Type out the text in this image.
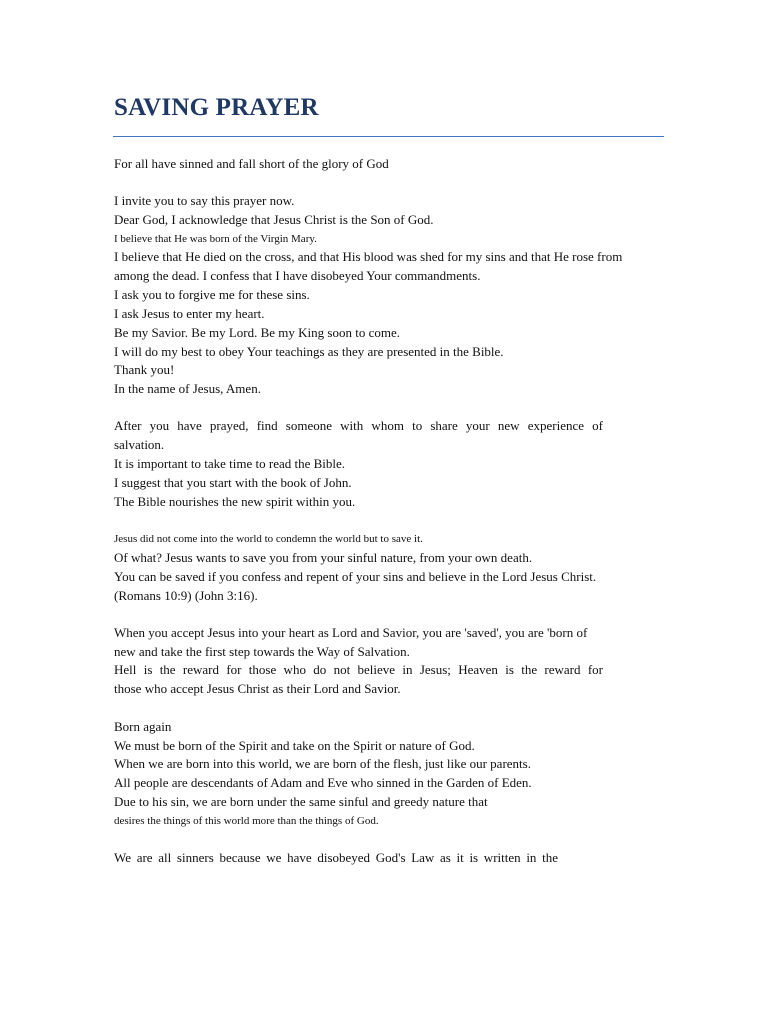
SAVING PRAYER

For all have sinned and fall short of the glory of God

I invite you to say this prayer now.

Dear God, I acknowledge that Jesus Christ is the Son of God.

I believe that He was born of the Virgin Mary.

I believe that He died on the cross, and that His blood was shed for my sins and that He rose from

among the dead. I confess that I have disobeyed Your commandments.

I ask you to forgive me for these sins.

I ask Jesus to enter my heart.

Be my Savior. Be my Lord. Be my King soon to come.

I will do my best to obey Your teachings as they are presented in the Bible.

Thank you!

In the name of Jesus, Amen.

After you have prayed, find someone with whom to share your new experience of

salvation.

It is important to take time to read the Bible.

I suggest that you start with the book of John.

The Bible nourishes the new spirit within you.

Jesus did not come into the world to condemn the world but to save it.

Of what? Jesus wants to save you from your sinful nature, from your own death.

You can be saved if you confess and repent of your sins and believe in the Lord Jesus Christ.

(Romans 10:9) (John 3:16).

When you accept Jesus into your heart as Lord and Savior, you are 'saved', you are 'born of

new and take the first step towards the Way of Salvation.

Hell is the reward for those who do not believe in Jesus; Heaven is the reward for

those who accept Jesus Christ as their Lord and Savior.

Born again

We must be born of the Spirit and take on the Spirit or nature of God.

When we are born into this world, we are born of the flesh, just like our parents.

All people are descendants of Adam and Eve who sinned in the Garden of Eden.

Due to his sin, we are born under the same sinful and greedy nature that

desires the things of this world more than the things of God.

We are all sinners because we have disobeyed God's Law as it is written in the
